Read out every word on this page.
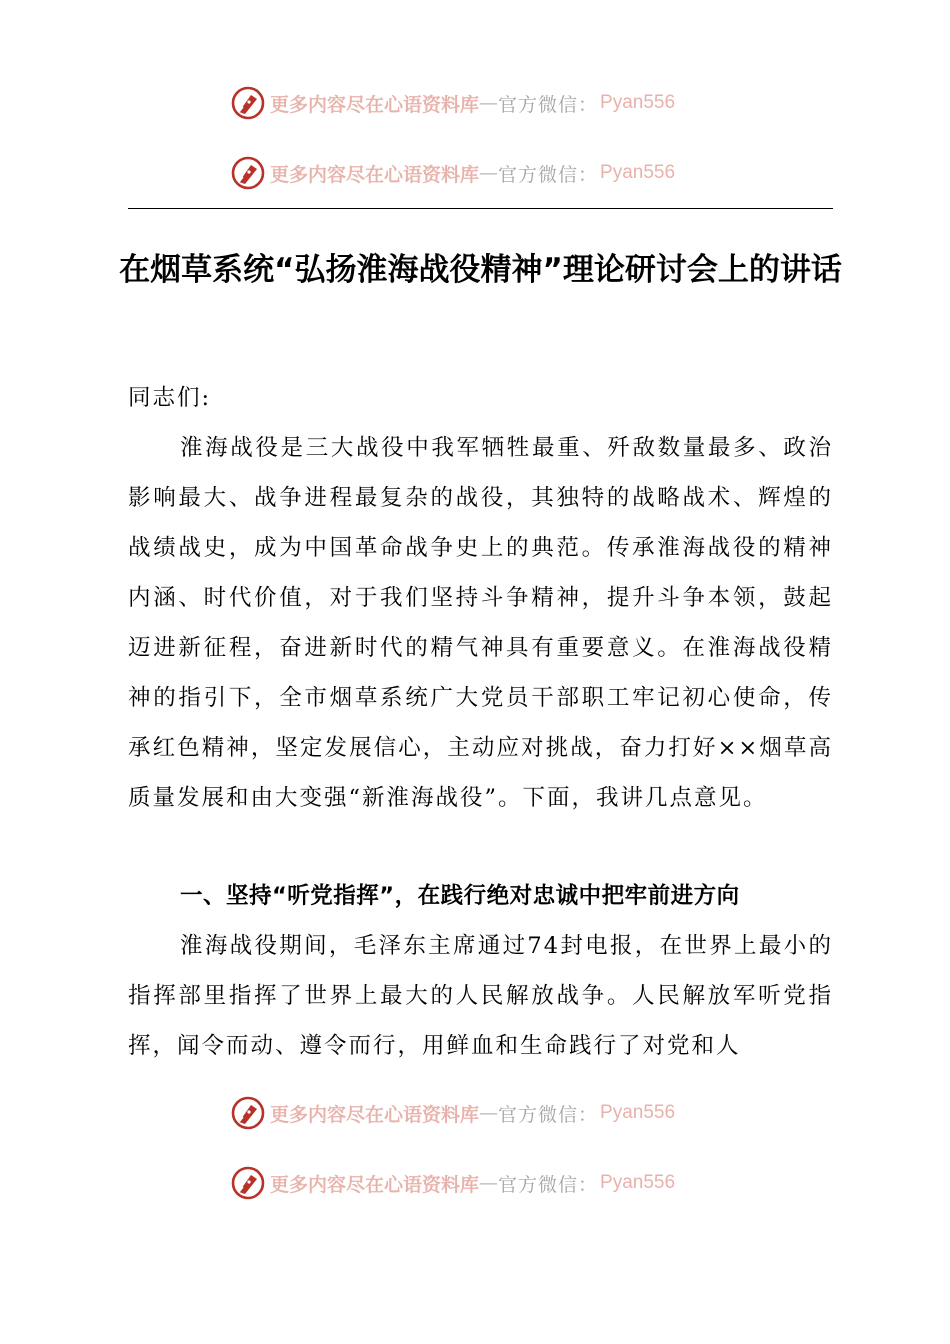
更多内容尽在心语资料库 — 官方微信： Pyan556
更多内容尽在心语资料库 — 官方微信： Pyan556
在烟草系统“弘扬淮海战役精神”理论研讨会上的讲话

同志们:

淮海战役是三大战役中我军牺牲最重、歼敌数量最多、政治影响最大、战争进程最复杂的战役，其独特的战略战术、辉煌的战绩战史，成为中国革命战争史上的典范。传承淮海战役的精神内涵、时代价值，对于我们坚持斗争精神，提升斗争本领，鼓起迈进新征程，奋进新时代的精气神具有重要意义。在淮海战役精神的指引下，全市烟草系统广大党员干部职工牢记初心使命，传承红色精神，坚定发展信心，主动应对挑战，奋力打好××烟草高质量发展和由大变强“新淮海战役”。下面，我讲几点意见。

一、坚持“听党指挥”，在践行绝对忠诚中把牢前进方向

淮海战役期间，毛泽东主席通过74封电报，在世界上最小的指挥部里指挥了世界上最大的人民解放战争。人民解放军听党指挥，闻令而动、遵令而行，用鲜血和生命践行了对党和人

更多内容尽在心语资料库 — 官方微信： Pyan556
更多内容尽在心语资料库 — 官方微信： Pyan556
